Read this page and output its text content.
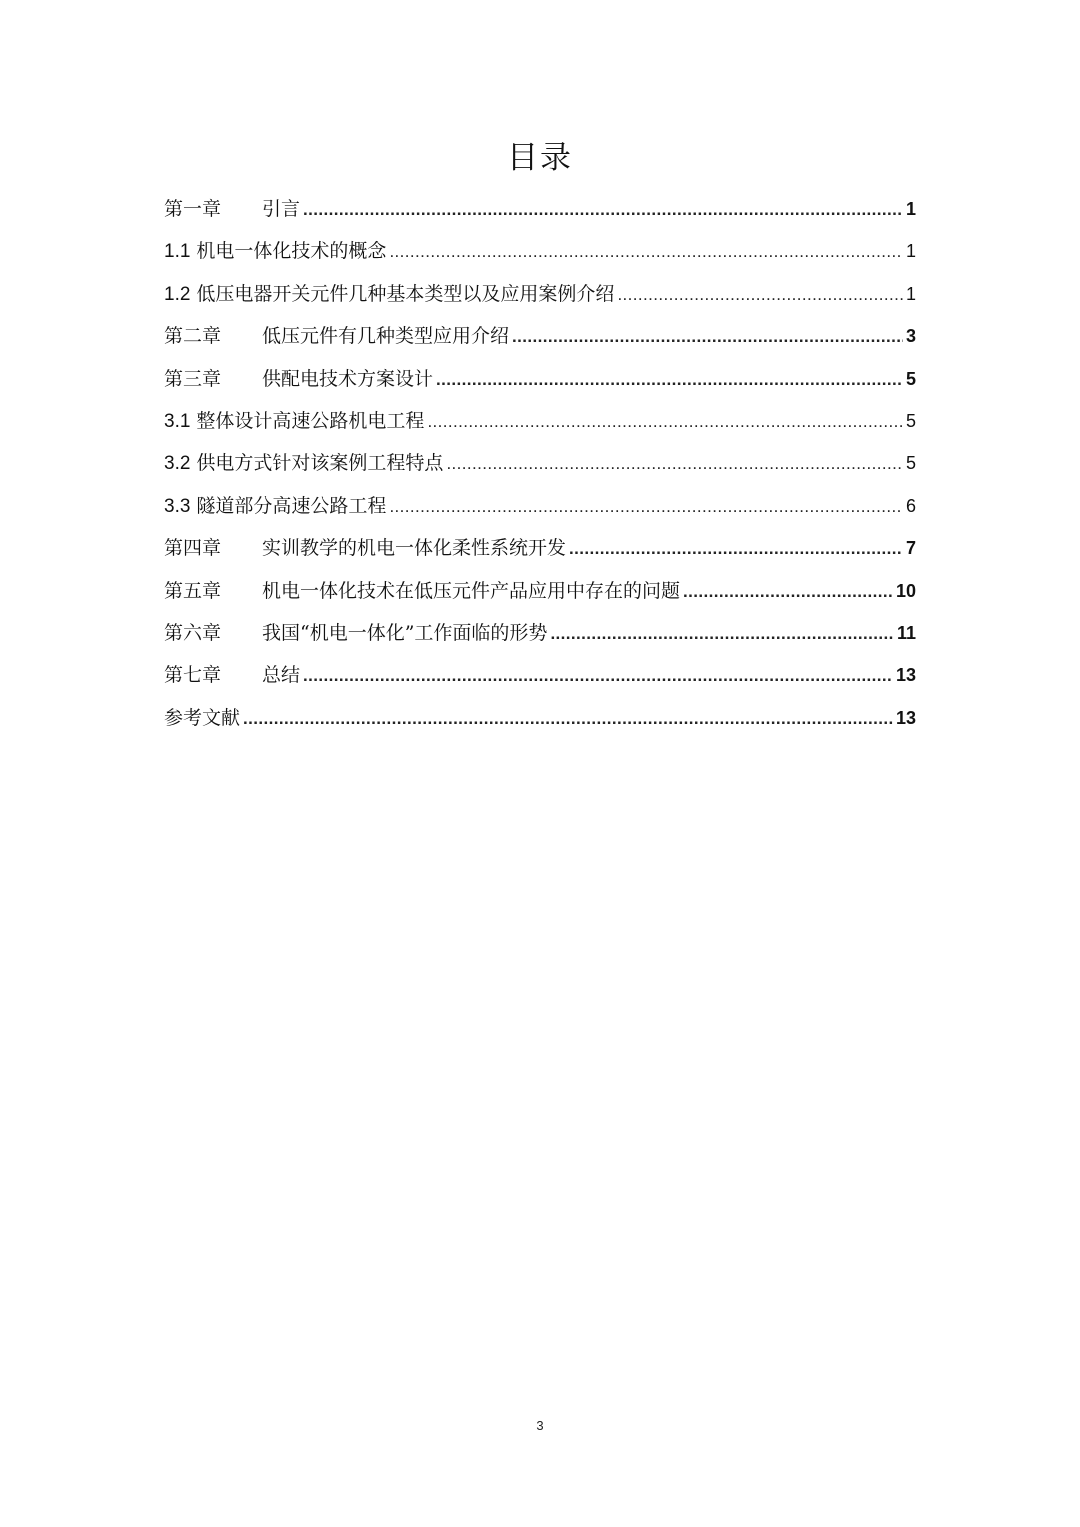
目录
第一章	引言 .....	1
1.1 机电一体化技术的概念 .....	1
1.2 低压电器开关元件几种基本类型以及应用案例介绍 .....	1
第二章	低压元件有几种类型应用介绍 .....	3
第三章	供配电技术方案设计 .....	5
3.1 整体设计高速公路机电工程 .....	5
3.2 供电方式针对该案例工程特点 .....	5
3.3 隧道部分高速公路工程 .....	6
第四章	实训教学的机电一体化柔性系统开发 .....	7
第五章	机电一体化技术在低压元件产品应用中存在的问题 .....	10
第六章	我国“机电一体化”工作面临的形势 .....	11
第七章	总结 .....	13
参考文献 .....	13
3
